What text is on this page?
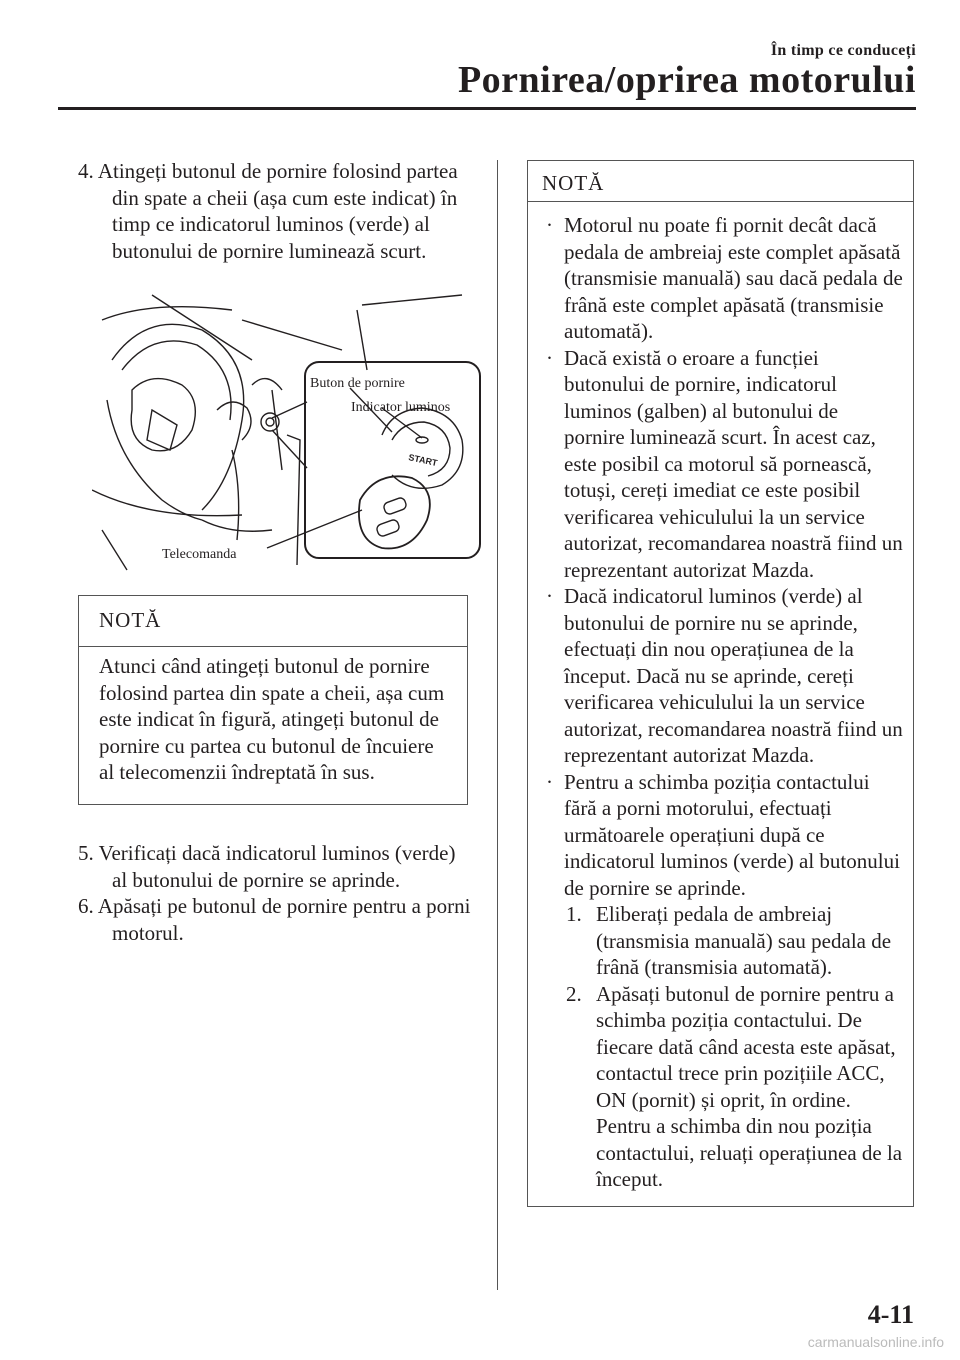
În timp ce conduceți
Pornirea/oprirea motorului

4. Atingeți butonul de pornire folosind partea din spate a cheii (așa cum este indicat) în timp ce indicatorul luminos (verde) al butonului de pornire luminează scurt.

START
Buton de pornire
Indicator luminos
Telecomanda
NOTĂ
Atunci când atingeți butonul de pornire folosind partea din spate a cheii, așa cum este indicat în figură, atingeți butonul de pornire cu partea cu butonul de încuiere al telecomenzii îndreptată în sus.

5. Verificați dacă indicatorul luminos (verde) al butonului de pornire se aprinde.

6. Apăsați pe butonul de pornire pentru a porni motorul.

NOTĂ

· Motorul nu poate fi pornit decât dacă pedala de ambreiaj este complet apăsată (transmisie manuală) sau dacă pedala de frână este complet apăsată (transmisie automată).

· Dacă există o eroare a funcției butonului de pornire, indicatorul luminos (galben) al butonului de pornire luminează scurt. În acest caz, este posibil ca motorul să pornească, totuși, cereți imediat ce este posibil verificarea vehiculului la un service autorizat, recomandarea noastră fiind un reprezentant autorizat Mazda.

· Dacă indicatorul luminos (verde) al butonului de pornire nu se aprinde, efectuați din nou operațiunea de la început. Dacă nu se aprinde, cereți verificarea vehiculului la un service autorizat, recomandarea noastră fiind un reprezentant autorizat Mazda.

· Pentru a schimba poziția contactului fără a porni motorului, efectuați următoarele operațiuni după ce indicatorul luminos (verde) al butonului de pornire se aprinde.

1. Eliberați pedala de ambreiaj (transmisia manuală) sau pedala de frână (transmisia automată).

2. Apăsați butonul de pornire pentru a schimba poziția contactului. De fiecare dată când acesta este apăsat, contactul trece prin pozițiile ACC, ON (pornit) și oprit, în ordine. Pentru a schimba din nou poziția contactului, reluați operațiunea de la început.

4-11
carmanualsonline.info
